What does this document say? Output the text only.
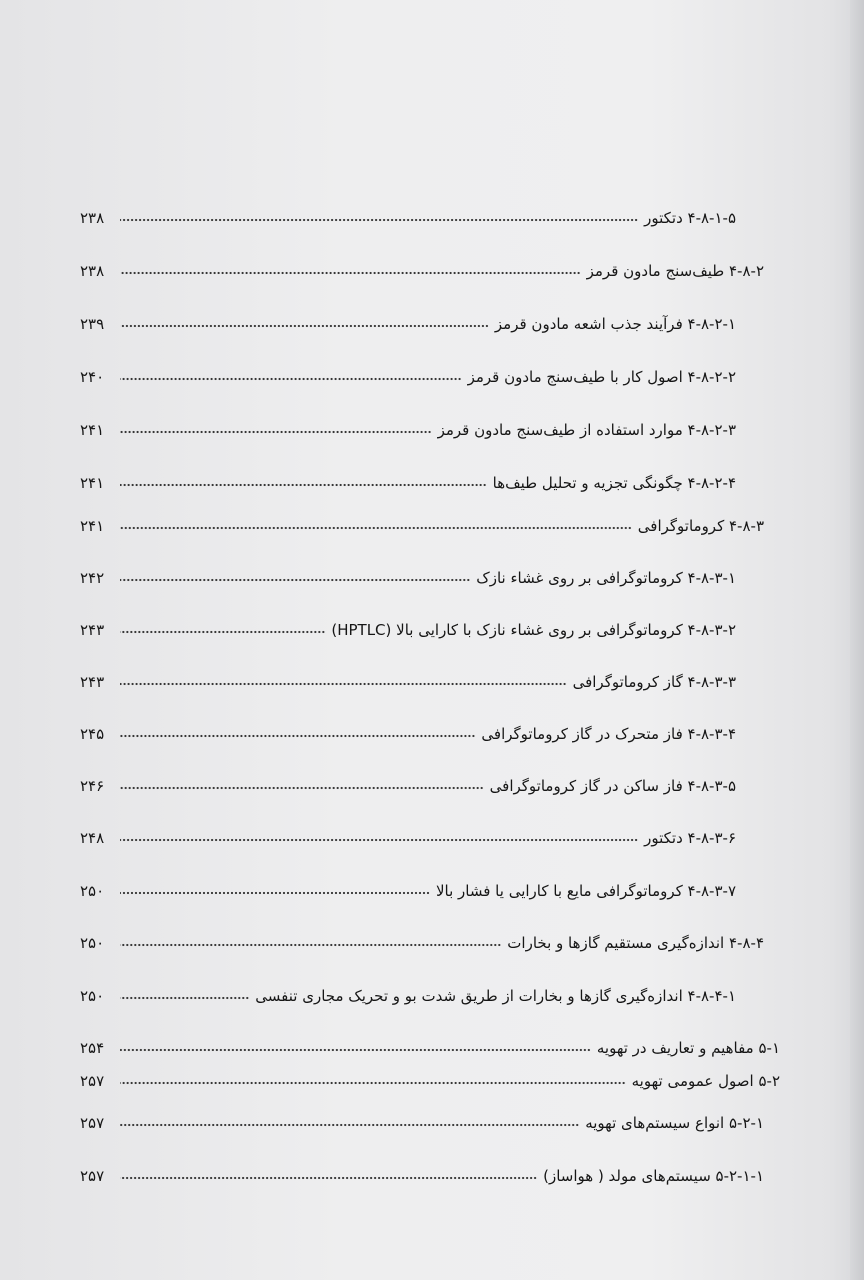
۴-۸-۱-۵ دتکتور
۲۳۸
۴-۸-۲ طیف‌سنج مادون قرمز
۲۳۸
۴-۸-۲-۱ فرآیند جذب اشعه مادون قرمز
۲۳۹
۴-۸-۲-۲ اصول کار با طیف‌سنج مادون قرمز
۲۴۰
۴-۸-۲-۳ موارد استفاده از طیف‌سنج مادون قرمز
۲۴۱
۴-۸-۲-۴ چگونگی تجزیه و تحلیل طیف‌ها
۲۴۱
۴-۸-۳ کروماتوگرافی
۲۴۱
۴-۸-۳-۱ کروماتوگرافی بر روی غشاء نازک
۲۴۲
۴-۸-۳-۲ کروماتوگرافی بر روی غشاء نازک با کارایی بالا (HPTLC)
۲۴۳
۴-۸-۳-۳ گاز کروماتوگرافی
۲۴۳
۴-۸-۳-۴ فاز متحرک در گاز کروماتوگرافی
۲۴۵
۴-۸-۳-۵ فاز ساکن در گاز کروماتوگرافی
۲۴۶
۴-۸-۳-۶ دتکتور
۲۴۸
۴-۸-۳-۷ کروماتوگرافی مایع با کارایی یا فشار بالا
۲۵۰
۴-۸-۴ اندازه‌گیری مستقیم گازها و بخارات
۲۵۰
۴-۸-۴-۱ اندازه‌گیری گازها و بخارات از طریق شدت بو و تحریک مجاری تنفسی
۲۵۰
۵-۱ مفاهیم و تعاریف در تهویه
۲۵۴
۵-۲ اصول عمومی تهویه
۲۵۷
۵-۲-۱ انواع سیستم‌های تهویه
۲۵۷
۵-۲-۱-۱ سیستم‌های مولد ( هواساز)
۲۵۷
